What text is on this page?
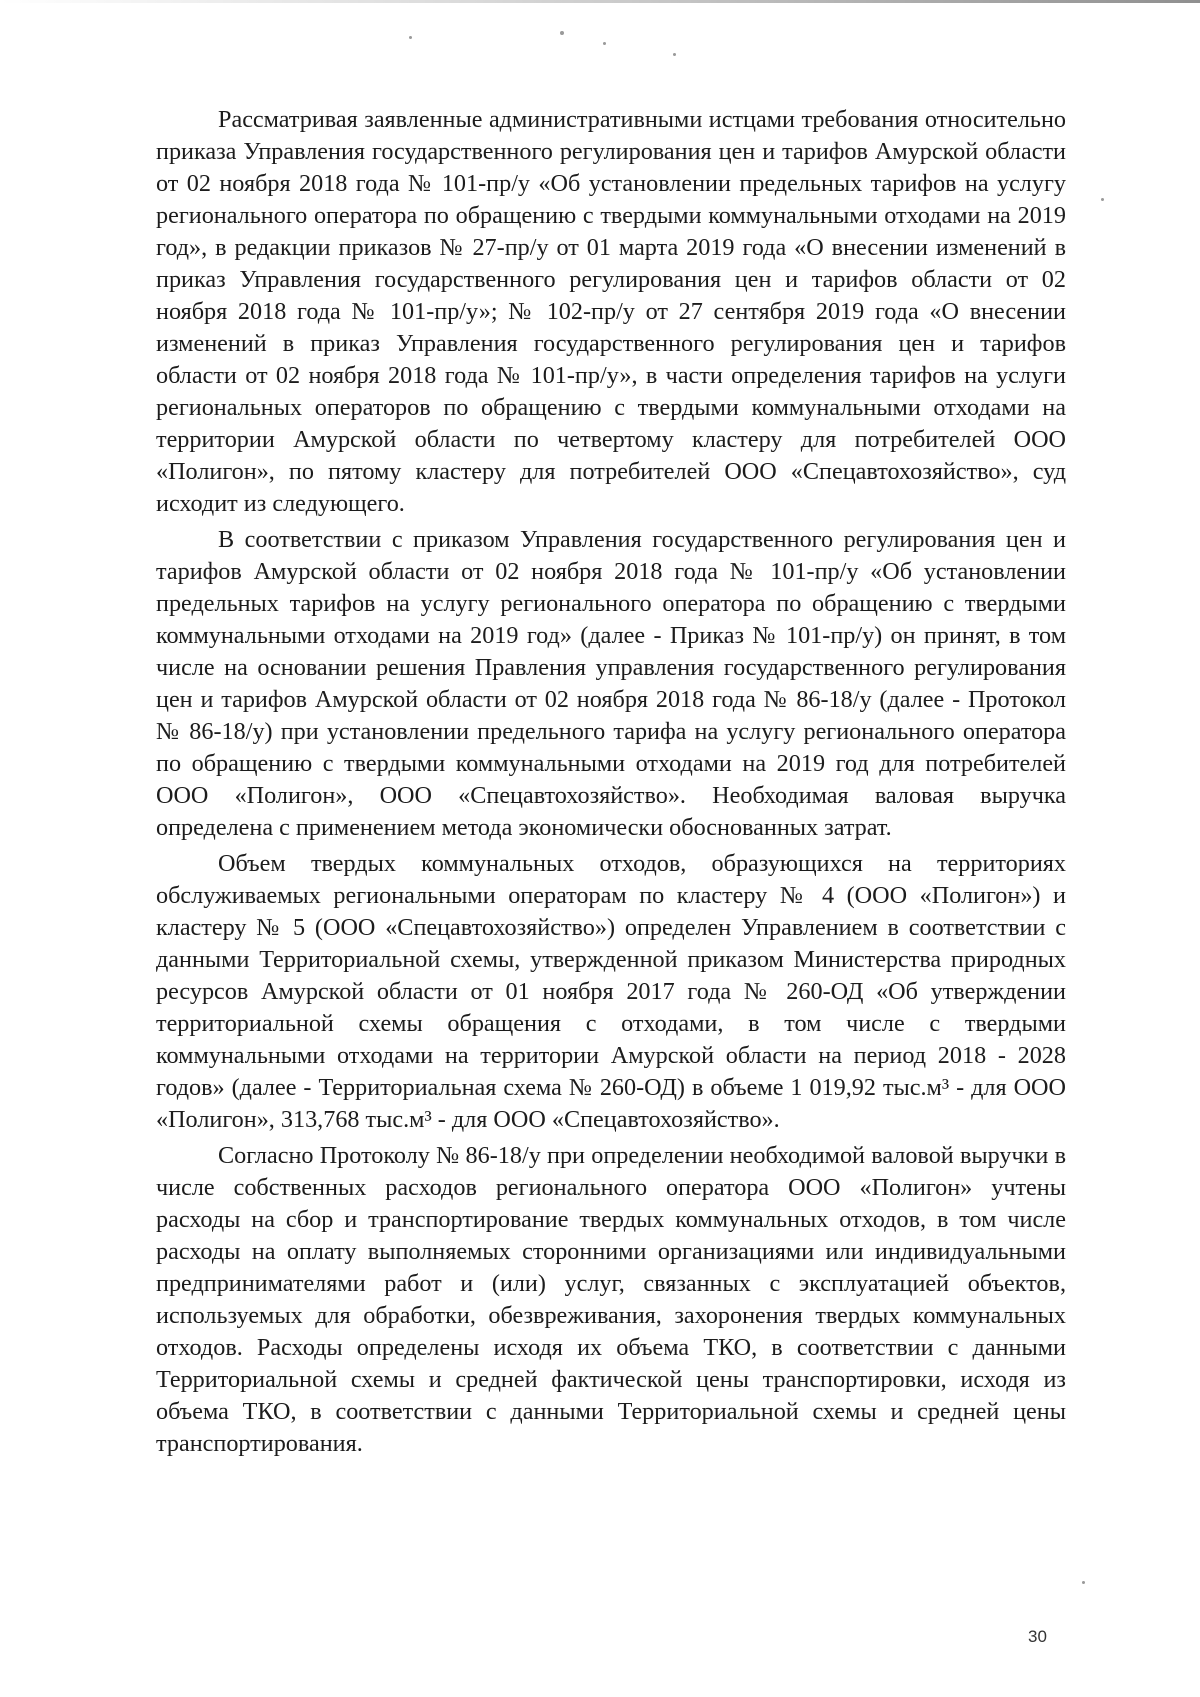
Рассматривая заявленные административными истцами требования относительно приказа Управления государственного регулирования цен и тарифов Амурской области от 02 ноября 2018 года № 101-пр/у «Об установлении предельных тарифов на услугу регионального оператора по обращению с твердыми коммунальными отходами на 2019 год», в редакции приказов № 27-пр/у от 01 марта 2019 года «О внесении изменений в приказ Управления государственного регулирования цен и тарифов области от 02 ноября 2018 года № 101-пр/у»; № 102-пр/у от 27 сентября 2019 года «О внесении изменений в приказ Управления государственного регулирования цен и тарифов области от 02 ноября 2018 года № 101-пр/у», в части определения тарифов на услуги региональных операторов по обращению с твердыми коммунальными отходами на территории Амурской области по четвертому кластеру для потребителей ООО «Полигон», по пятому кластеру для потребителей ООО «Спецавтохозяйство», суд исходит из следующего.

В соответствии с приказом Управления государственного регулирования цен и тарифов Амурской области от 02 ноября 2018 года № 101-пр/у «Об установлении предельных тарифов на услугу регионального оператора по обращению с твердыми коммунальными отходами на 2019 год» (далее - Приказ № 101-пр/у) он принят, в том числе на основании решения Правления управления государственного регулирования цен и тарифов Амурской области от 02 ноября 2018 года № 86-18/у (далее - Протокол № 86-18/у) при установлении предельного тарифа на услугу регионального оператора по обращению с твердыми коммунальными отходами на 2019 год для потребителей ООО «Полигон», ООО «Спецавтохозяйство». Необходимая валовая выручка определена с применением метода экономически обоснованных затрат.

Объем твердых коммунальных отходов, образующихся на территориях обслуживаемых региональными операторам по кластеру № 4 (ООО «Полигон») и кластеру № 5 (ООО «Спецавтохозяйство») определен Управлением в соответствии с данными Территориальной схемы, утвержденной приказом Министерства природных ресурсов Амурской области от 01 ноября 2017 года № 260-ОД «Об утверждении территориальной схемы обращения с отходами, в том числе с твердыми коммунальными отходами на территории Амурской области на период 2018 - 2028 годов» (далее - Территориальная схема № 260-ОД) в объеме 1 019,92 тыс.м³ - для ООО «Полигон», 313,768 тыс.м³ - для ООО «Спецавтохозяйство».

Согласно Протоколу № 86-18/у при определении необходимой валовой выручки в числе собственных расходов регионального оператора ООО «Полигон» учтены расходы на сбор и транспортирование твердых коммунальных отходов, в том числе расходы на оплату выполняемых сторонними организациями или индивидуальными предпринимателями работ и (или) услуг, связанных с эксплуатацией объектов, используемых для обработки, обезвреживания, захоронения твердых коммунальных отходов. Расходы определены исходя их объема ТКО, в соответствии с данными Территориальной схемы и средней фактической цены транспортировки, исходя из объема ТКО, в соответствии с данными Территориальной схемы и средней цены транспортирования.

30
